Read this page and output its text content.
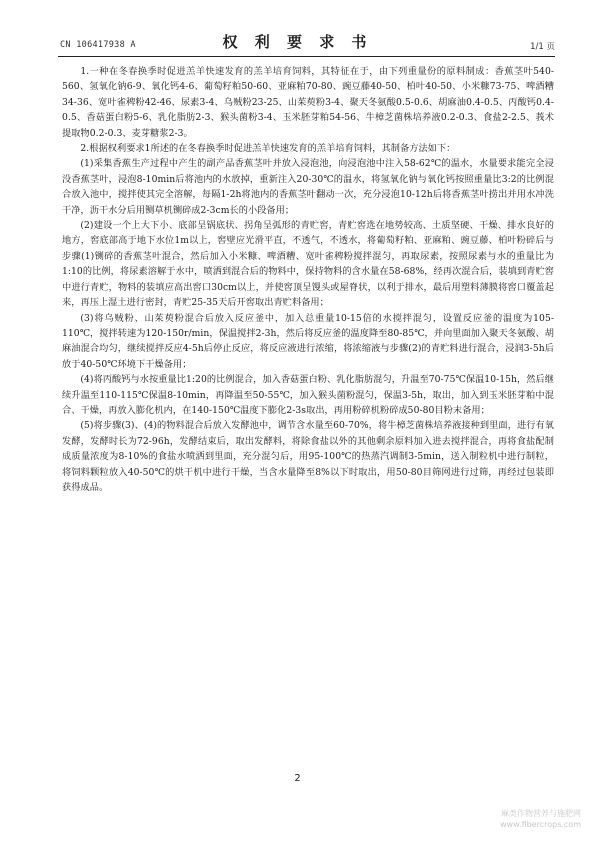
CN 106417938 A	权 利 要 求 书	1/1 页

1.一种在冬春换季时促进羔羊快速发育的羔羊培育饲料，其特征在于，由下列重量份的原料制成：香蕉茎叶540-560、氢氧化钠6-9、氧化钙4-6、葡萄籽粕50-60、亚麻粕70-80、豌豆藤40-50、柏叶40-50、小米糠73-75、啤酒糟34-36、宽叶雀稗粉42-46、尿素3-4、乌贼粉23-25、山茱萸粉3-4、聚天冬氨酸0.5-0.6、胡麻油0.4-0.5、丙酸钙0.4-0.5、香菇蛋白粉5-6、乳化脂肪2-3、猴头菌粉3-4、玉米胚芽粕54-56、牛樟芝菌株培养液0.2-0.3、食盐2-2.5、莪术提取物0.2-0.3、麦芽糖浆2-3。

2.根据权利要求1所述的在冬春换季时促进羔羊快速发育的羔羊培育饲料，其制备方法如下：

(1)采集香蕉生产过程中产生的副产品香蕉茎叶并放入浸泡池，向浸泡池中注入58-62℃的温水，水量要求能完全浸没香蕉茎叶，浸泡8-10min后将池内的水放掉，重新注入20-30℃的温水，将氢氧化钠与氧化钙按照重量比3:2的比例混合放入池中，搅拌使其完全溶解，每隔1-2h将池内的香蕉茎叶翻动一次，充分浸泡10-12h后将香蕉茎叶捞出并用水冲洗干净，沥干水分后用铡草机铡碎成2-3cm长的小段备用；

(2)建设一个上大下小、底部呈锅底状、拐角呈弧形的青贮窖，青贮窖选在地势较高、土质坚硬、干燥、排水良好的地方，窖底部高于地下水位1m以上，窖壁应光滑平直，不透气，不透水，将葡萄籽粕、亚麻粕、豌豆藤、柏叶粉碎后与步骤(1)铡碎的香蕉茎叶混合，然后加入小米糠、啤酒糟、宽叶雀稗粉搅拌混匀，再取尿素，按照尿素与水的重量比为1:10的比例，将尿素溶解于水中，喷洒到混合后的物料中，保持物料的含水量在58-68%，经再次混合后，装填到青贮窖中进行青贮，物料的装填应高出窖口30cm以上，并使窖顶呈馒头或屋脊状，以利于排水，最后用塑料薄膜将窖口覆盖起来，再压上湿土进行密封，青贮25-35天后开窖取出青贮料备用；

(3)将乌贼粉、山茱萸粉混合后放入反应釜中，加入总重量10-15倍的水搅拌混匀，设置反应釜的温度为105-110℃，搅拌转速为120-150r/min，保温搅拌2-3h，然后将反应釜的温度降至80-85℃，并向里面加入聚天冬氨酸、胡麻油混合均匀，继续搅拌反应4-5h后停止反应，将反应液进行浓缩，将浓缩液与步骤(2)的青贮料进行混合，浸润3-5h后放于40-50℃环境下干燥备用；

(4)将丙酸钙与水按重量比1:20的比例混合，加入香菇蛋白粉、乳化脂肪混匀，升温至70-75℃保温10-15h，然后继续升温至110-115℃保温8-10min，再降温至50-55℃，加入猴头菌粉混匀，保温3-5h，取出，加入到玉米胚芽粕中混合、干燥，再放入膨化机内，在140-150℃温度下膨化2-3s取出，再用粉碎机粉碎成50-80目粉末备用；

(5)将步骤(3)、(4)的物料混合后放入发酵池中，调节含水量至60-70%，将牛樟芝菌株培养液接种到里面，进行有氧发酵，发酵时长为72-96h，发酵结束后，取出发酵料，将除食盐以外的其他剩余原料加入进去搅拌混合，再将食盐配制成质量浓度为8-10%的食盐水喷洒到里面，充分混匀后，用95-100℃的热蒸汽调制3-5min，送入制粒机中进行制粒，将饲料颗粒放入40-50℃的烘干机中进行干燥，当含水量降至8%以下时取出，用50-80目筛网进行过筛，再经过包装即获得成品。

2
麻类作物营养与施肥网
www.fibercrops.com
